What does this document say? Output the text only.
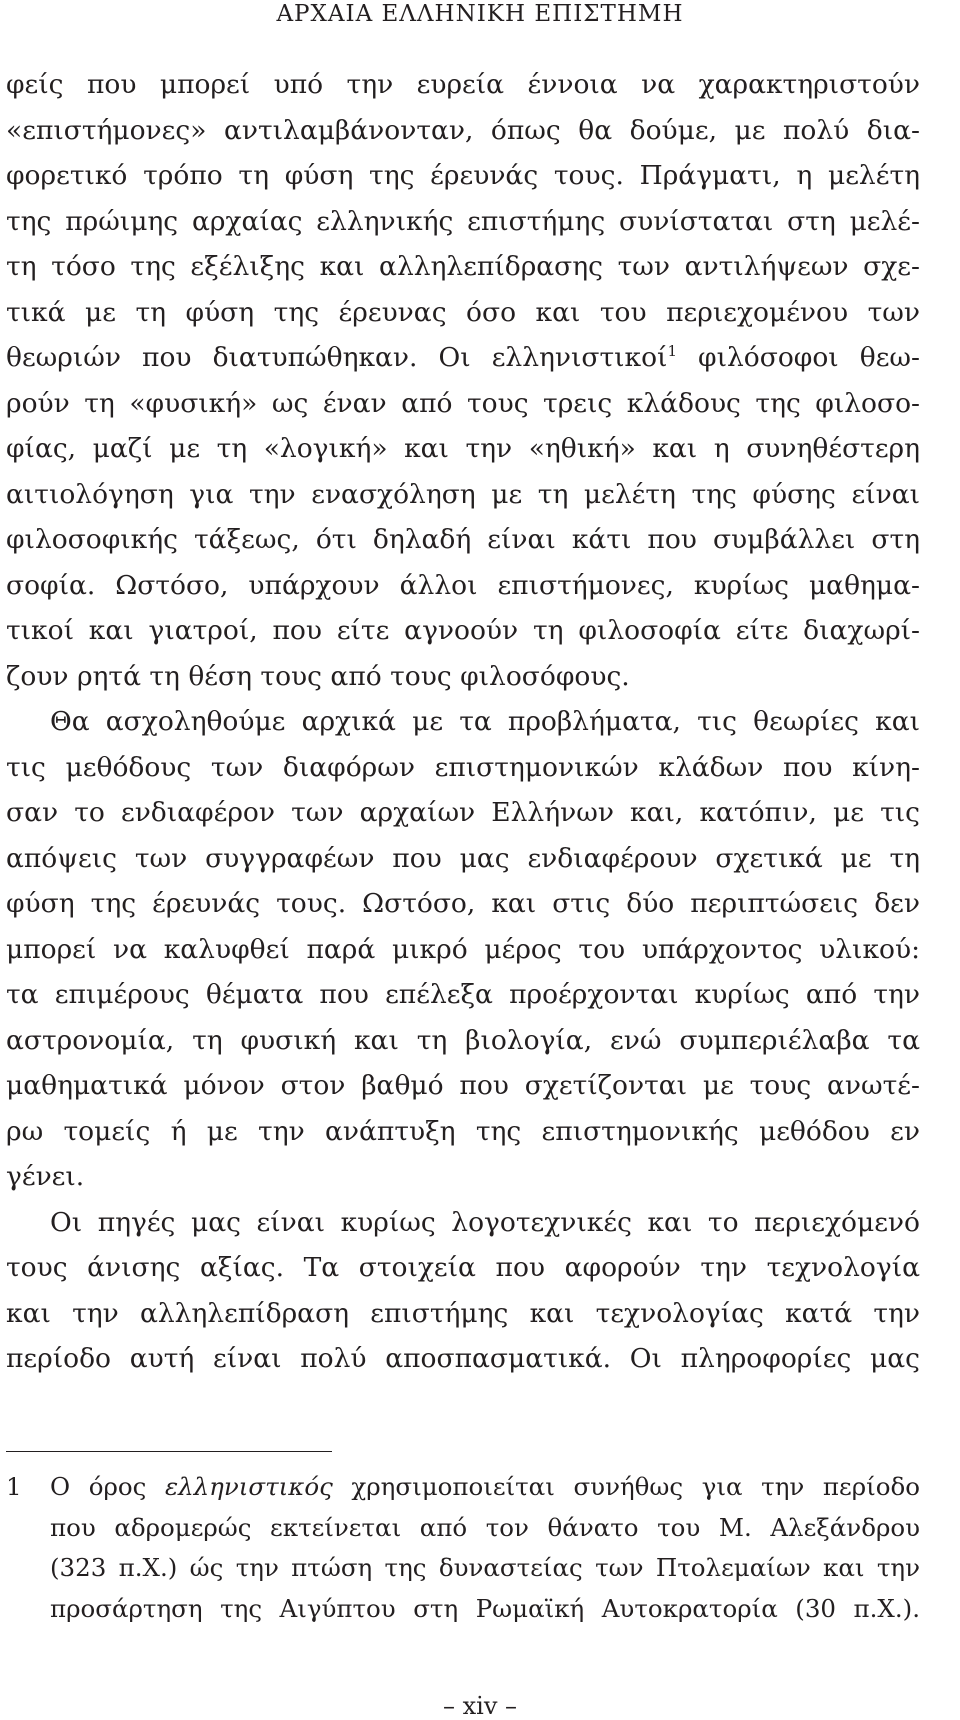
ΑΡΧΑΙΑ ΕΛΛΗΝΙΚΗ ΕΠΙΣΤΗΜΗ
φείς που μπορεί υπό την ευρεία έννοια να χαρακτηριστούν
«επιστήμονες» αντιλαμβάνονταν, όπως θα δούμε, με πολύ δια-
φορετικό τρόπο τη φύση της έρευνάς τους. Πράγματι, η μελέτη
της πρώιμης αρχαίας ελληνικής επιστήμης συνίσταται στη μελέ-
τη τόσο της εξέλιξης και αλληλεπίδρασης των αντιλήψεων σχε-
τικά με τη φύση της έρευνας όσο και του περιεχομένου των
θεωριών που διατυπώθηκαν. Οι ελληνιστικοί$^1$ φιλόσοφοι θεω-
ρούν τη «φυσική» ως έναν από τους τρεις κλάδους της φιλοσο-
φίας, μαζί με τη «λογική» και την «ηθική» και η συνηθέστερη
αιτιολόγηση για την ενασχόληση με τη μελέτη της φύσης είναι
φιλοσοφικής τάξεως, ότι δηλαδή είναι κάτι που συμβάλλει στη
σοφία. Ωστόσο, υπάρχουν άλλοι επιστήμονες, κυρίως μαθημα-
τικοί και γιατροί, που είτε αγνοούν τη φιλοσοφία είτε διαχωρί-
ζουν ρητά τη θέση τους από τους φιλοσόφους.
Θα ασχοληθούμε αρχικά με τα προβλήματα, τις θεωρίες και
τις μεθόδους των διαφόρων επιστημονικών κλάδων που κίνη-
σαν το ενδιαφέρον των αρχαίων Ελλήνων και, κατόπιν, με τις
απόψεις των συγγραφέων που μας ενδιαφέρουν σχετικά με τη
φύση της έρευνάς τους. Ωστόσο, και στις δύο περιπτώσεις δεν
μπορεί να καλυφθεί παρά μικρό μέρος του υπάρχοντος υλικού:
τα επιμέρους θέματα που επέλεξα προέρχονται κυρίως από την
αστρονομία, τη φυσική και τη βιολογία, ενώ συμπεριέλαβα τα
μαθηματικά μόνον στον βαθμό που σχετίζονται με τους ανωτέ-
ρω τομείς ή με την ανάπτυξη της επιστημονικής μεθόδου εν
γένει.
Οι πηγές μας είναι κυρίως λογοτεχνικές και το περιεχόμενό
τους άνισης αξίας. Τα στοιχεία που αφορούν την τεχνολογία
και την αλληλεπίδραση επιστήμης και τεχνολογίας κατά την
περίοδο αυτή είναι πολύ αποσπασματικά. Οι πληροφορίες μας
1	Ο όρος ελληνιστικός χρησιμοποιείται συνήθως για την περίοδο
που αδρομερώς εκτείνεται από τον θάνατο του Μ. Αλεξάνδρου
(323 π.Χ.) ώς την πτώση της δυναστείας των Πτολεμαίων και την
προσάρτηση της Αιγύπτου στη Ρωμαϊκή Αυτοκρατορία (30 π.Χ.).
– xiv –
